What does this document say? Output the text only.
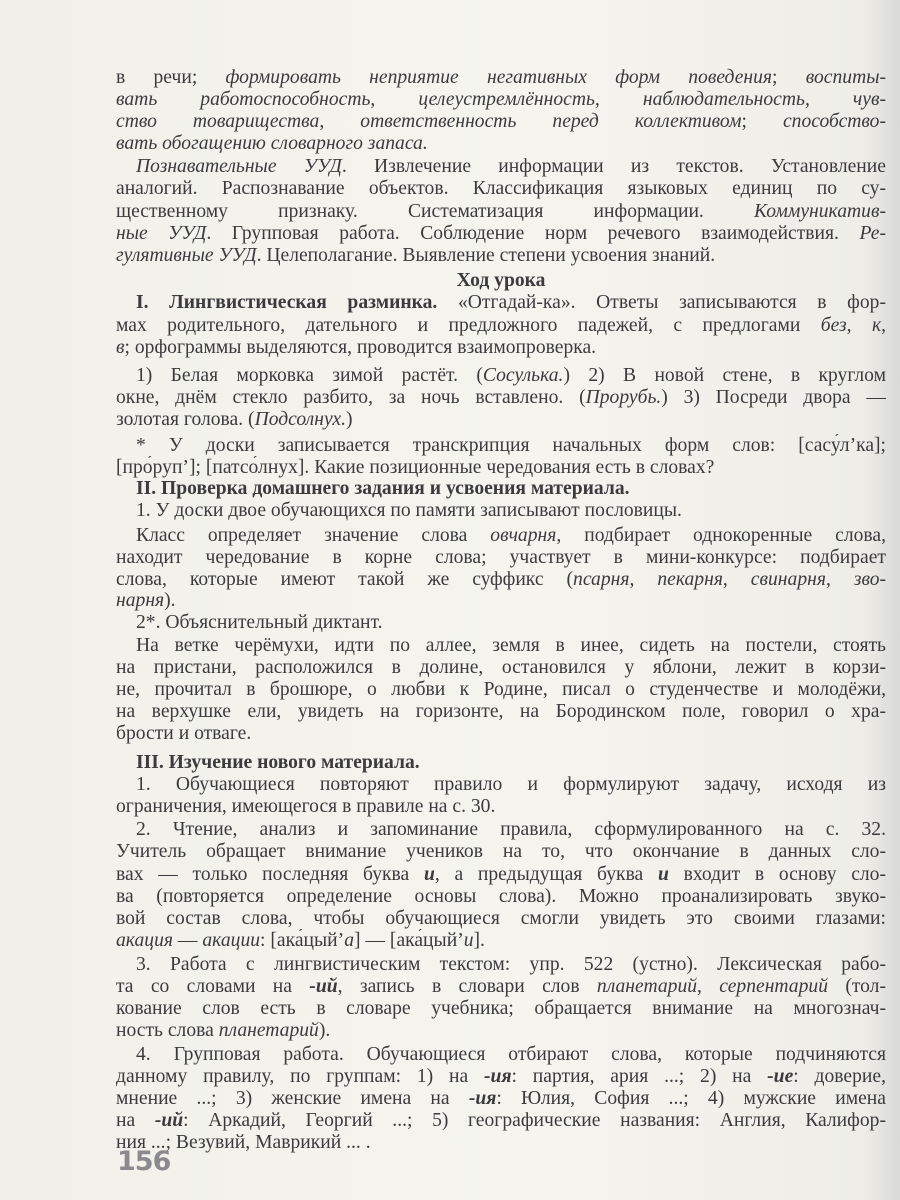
в речи; формировать неприятие негативных форм поведения; воспиты-
вать работоспособность, целеустремлённость, наблюдательность, чув-
ство товарищества, ответственность перед коллективом; способство-
вать обогащению словарного запаса.
Познавательные УУД. Извлечение информации из текстов. Установление
аналогий. Распознавание объектов. Классификация языковых единиц по су-
щественному признаку. Систематизация информации. Коммуникатив-
ные УУД. Групповая работа. Соблюдение норм речевого взаимодействия. Ре-
гулятивные УУД. Целеполагание. Выявление степени усвоения знаний.
Ход урока
I. Лингвистическая разминка. «Отгадай-ка». Ответы записываются в фор-
мах родительного, дательного и предложного падежей, с предлогами без, к,
в; орфограммы выделяются, проводится взаимопроверка.
1) Белая морковка зимой растёт. (Сосулька.) 2) В новой стене, в круглом
окне, днём стекло разбито, за ночь вставлено. (Прорубь.) 3) Посреди двора —
золотая голова. (Подсолнух.)
* У доски записывается транскрипция начальных форм слов: [сасу́л’ка];
[про́руп’]; [патсо́лнух]. Какие позиционные чередования есть в словах?
II. Проверка домашнего задания и усвоения материала.
1. У доски двое обучающихся по памяти записывают пословицы.
Класс определяет значение слова овчарня, подбирает однокоренные слова,
находит чередование в корне слова; участвует в мини-конкурсе: подбирает
слова, которые имеют такой же суффикс (псарня, пекарня, свинарня, зво-
нарня).
2*. Объяснительный диктант.
На ветке черёмухи, идти по аллее, земля в инее, сидеть на постели, стоять
на пристани, расположился в долине, остановился у яблони, лежит в корзи-
не, прочитал в брошюре, о любви к Родине, писал о студенчестве и молодёжи,
на верхушке ели, увидеть на горизонте, на Бородинском поле, говорил о хра-
брости и отваге.
III. Изучение нового материала.
1. Обучающиеся повторяют правило и формулируют задачу, исходя из
ограничения, имеющегося в правиле на с. 30.
2. Чтение, анализ и запоминание правила, сформулированного на с. 32.
Учитель обращает внимание учеников на то, что окончание в данных сло-
вах — только последняя буква и, а предыдущая буква и входит в основу сло-
ва (повторяется определение основы слова). Можно проанализировать звуко-
вой состав слова, чтобы обучающиеся смогли увидеть это своими глазами:
акация — акации: [ака́цый’а] — [ака́цый’и].
3. Работа с лингвистическим текстом: упр. 522 (устно). Лексическая рабо-
та со словами на -ий, запись в словари слов планетарий, серпентарий (тол-
кование слов есть в словаре учебника; обращается внимание на многознач-
ность слова планетарий).
4. Групповая работа. Обучающиеся отбирают слова, которые подчиняются
данному правилу, по группам: 1) на -ия: партия, ария ...; 2) на -ие: доверие,
мнение ...; 3) женские имена на -ия: Юлия, София ...; 4) мужские имена
на -ий: Аркадий, Георгий ...; 5) географические названия: Англия, Калифор-
ния ...; Везувий, Маврикий ... .
156
